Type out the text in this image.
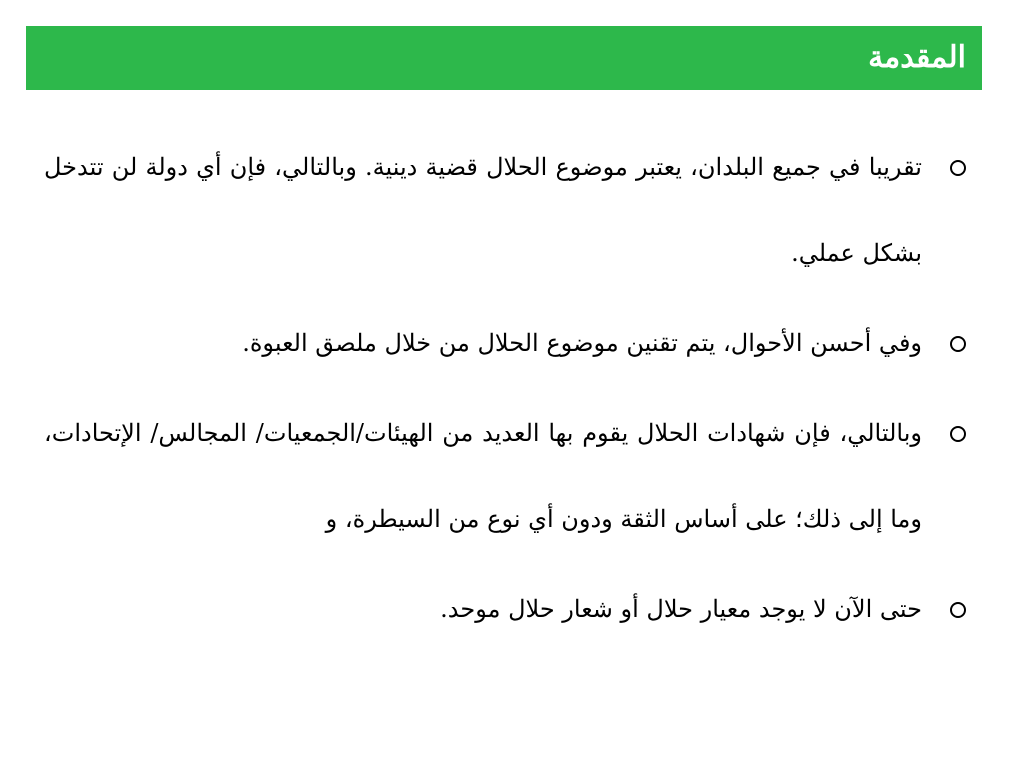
المقدمة
تقريبا في جميع البلدان، يعتبر موضوع الحلال قضية دينية. وبالتالي، فإن أي دولة لن تتدخل بشكل عملي.
وفي أحسن الأحوال، يتم تقنين موضوع الحلال من خلال ملصق العبوة.
وبالتالي، فإن شهادات الحلال يقوم بها العديد من الهيئات/الجمعيات/ المجالس/ الإتحادات، وما إلى ذلك؛ على أساس الثقة ودون أي نوع من السيطرة، و
حتى الآن لا يوجد معيار حلال أو شعار حلال موحد.
